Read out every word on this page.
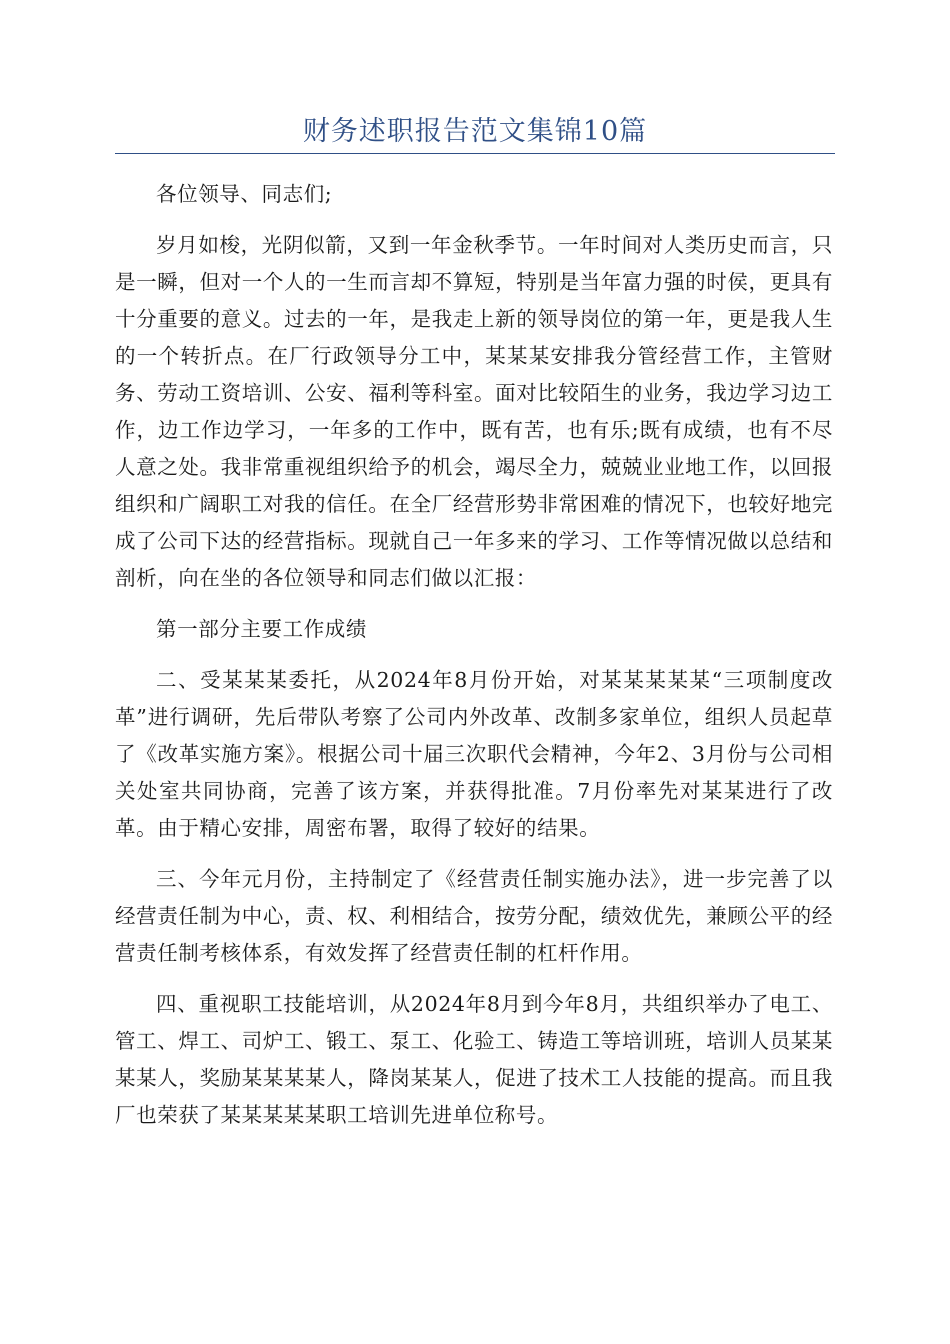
财务述职报告范文集锦10篇

各位领导、同志们;

岁月如梭，光阴似箭，又到一年金秋季节。一年时间对人类历史而言，只是一瞬，但对一个人的一生而言却不算短，特别是当年富力强的时侯，更具有十分重要的意义。过去的一年，是我走上新的领导岗位的第一年，更是我人生的一个转折点。在厂行政领导分工中，某某某安排我分管经营工作，主管财务、劳动工资培训、公安、福利等科室。面对比较陌生的业务，我边学习边工作，边工作边学习，一年多的工作中，既有苦，也有乐;既有成绩，也有不尽人意之处。我非常重视组织给予的机会，竭尽全力，兢兢业业地工作，以回报组织和广阔职工对我的信任。在全厂经营形势非常困难的情况下，也较好地完成了公司下达的经营指标。现就自己一年多来的学习、工作等情况做以总结和剖析，向在坐的各位领导和同志们做以汇报：

第一部分主要工作成绩

二、受某某某委托，从2024年8月份开始，对某某某某某“三项制度改革”进行调研，先后带队考察了公司内外改革、改制多家单位，组织人员起草了《改革实施方案》。根据公司十届三次职代会精神，今年2、3月份与公司相关处室共同协商，完善了该方案，并获得批准。7月份率先对某某进行了改革。由于精心安排，周密布署，取得了较好的结果。

三、今年元月份，主持制定了《经营责任制实施办法》，进一步完善了以经营责任制为中心，责、权、利相结合，按劳分配，绩效优先，兼顾公平的经营责任制考核体系，有效发挥了经营责任制的杠杆作用。

四、重视职工技能培训，从2024年8月到今年8月，共组织举办了电工、管工、焊工、司炉工、锻工、泵工、化验工、铸造工等培训班，培训人员某某某某人，奖励某某某某人，降岗某某人，促进了技术工人技能的提高。而且我厂也荣获了某某某某某职工培训先进单位称号。
